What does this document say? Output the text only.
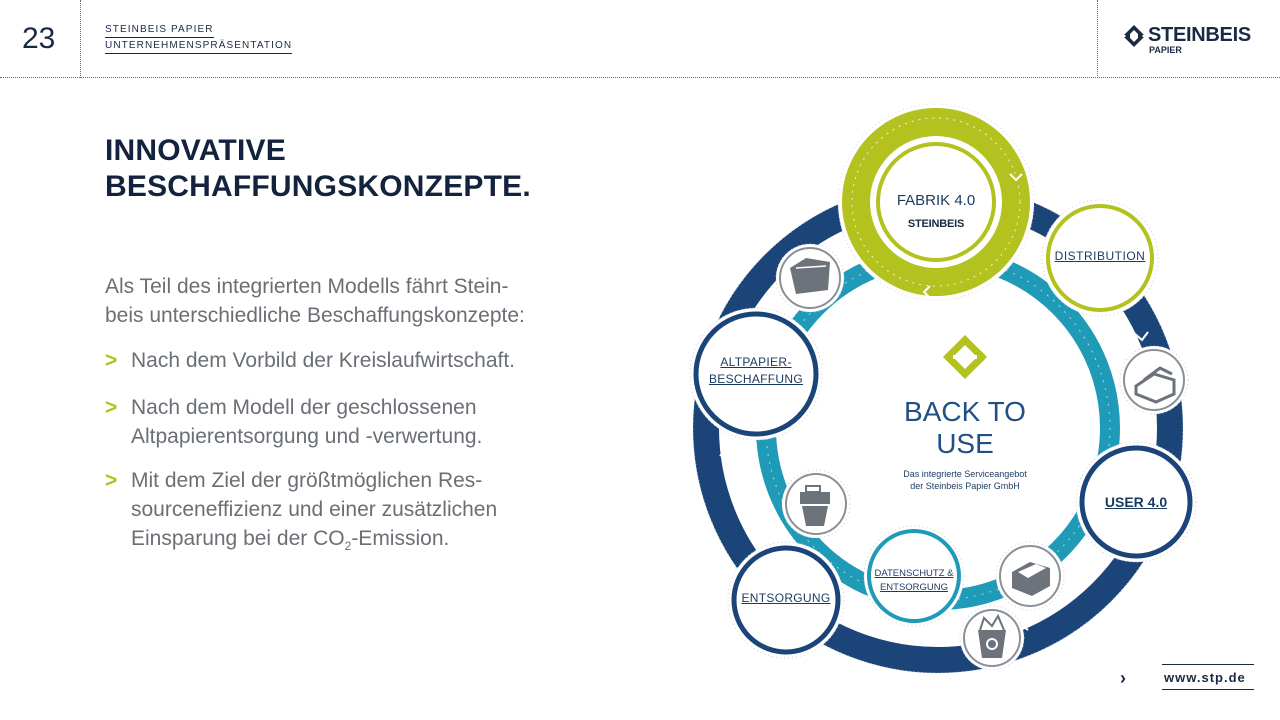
23	STEINBEIS PAPIER
UNTERNEHMENSPRÄSENTATION	STEINBEIS
PAPIER
INNOVATIVE
BESCHAFFUNGSKONZEPTE.
Als Teil des integrierten Modells fährt Stein-
beis unterschiedliche Beschaffungskonzepte:
> Nach dem Vorbild der Kreislaufwirtschaft.
> Nach dem Modell der geschlossenen
Altpapierentsorgung und -verwertung.
> Mit dem Ziel der größtmöglichen Res-
sourceneffizienz und einer zusätzlichen
Einsparung bei der $CO_2$-Emission.
FABRIK 4.0
STEINBEIS
DISTRIBUTION
USER 4.0
DATENSCHUTZ &
ENTSORGUNG
ENTSORGUNG
ALTPAPIER-
BESCHAFFUNG
BACK TO
USE
Das integrierte Serviceangebot
der Steinbeis Papier GmbH
›	www.stp.de
